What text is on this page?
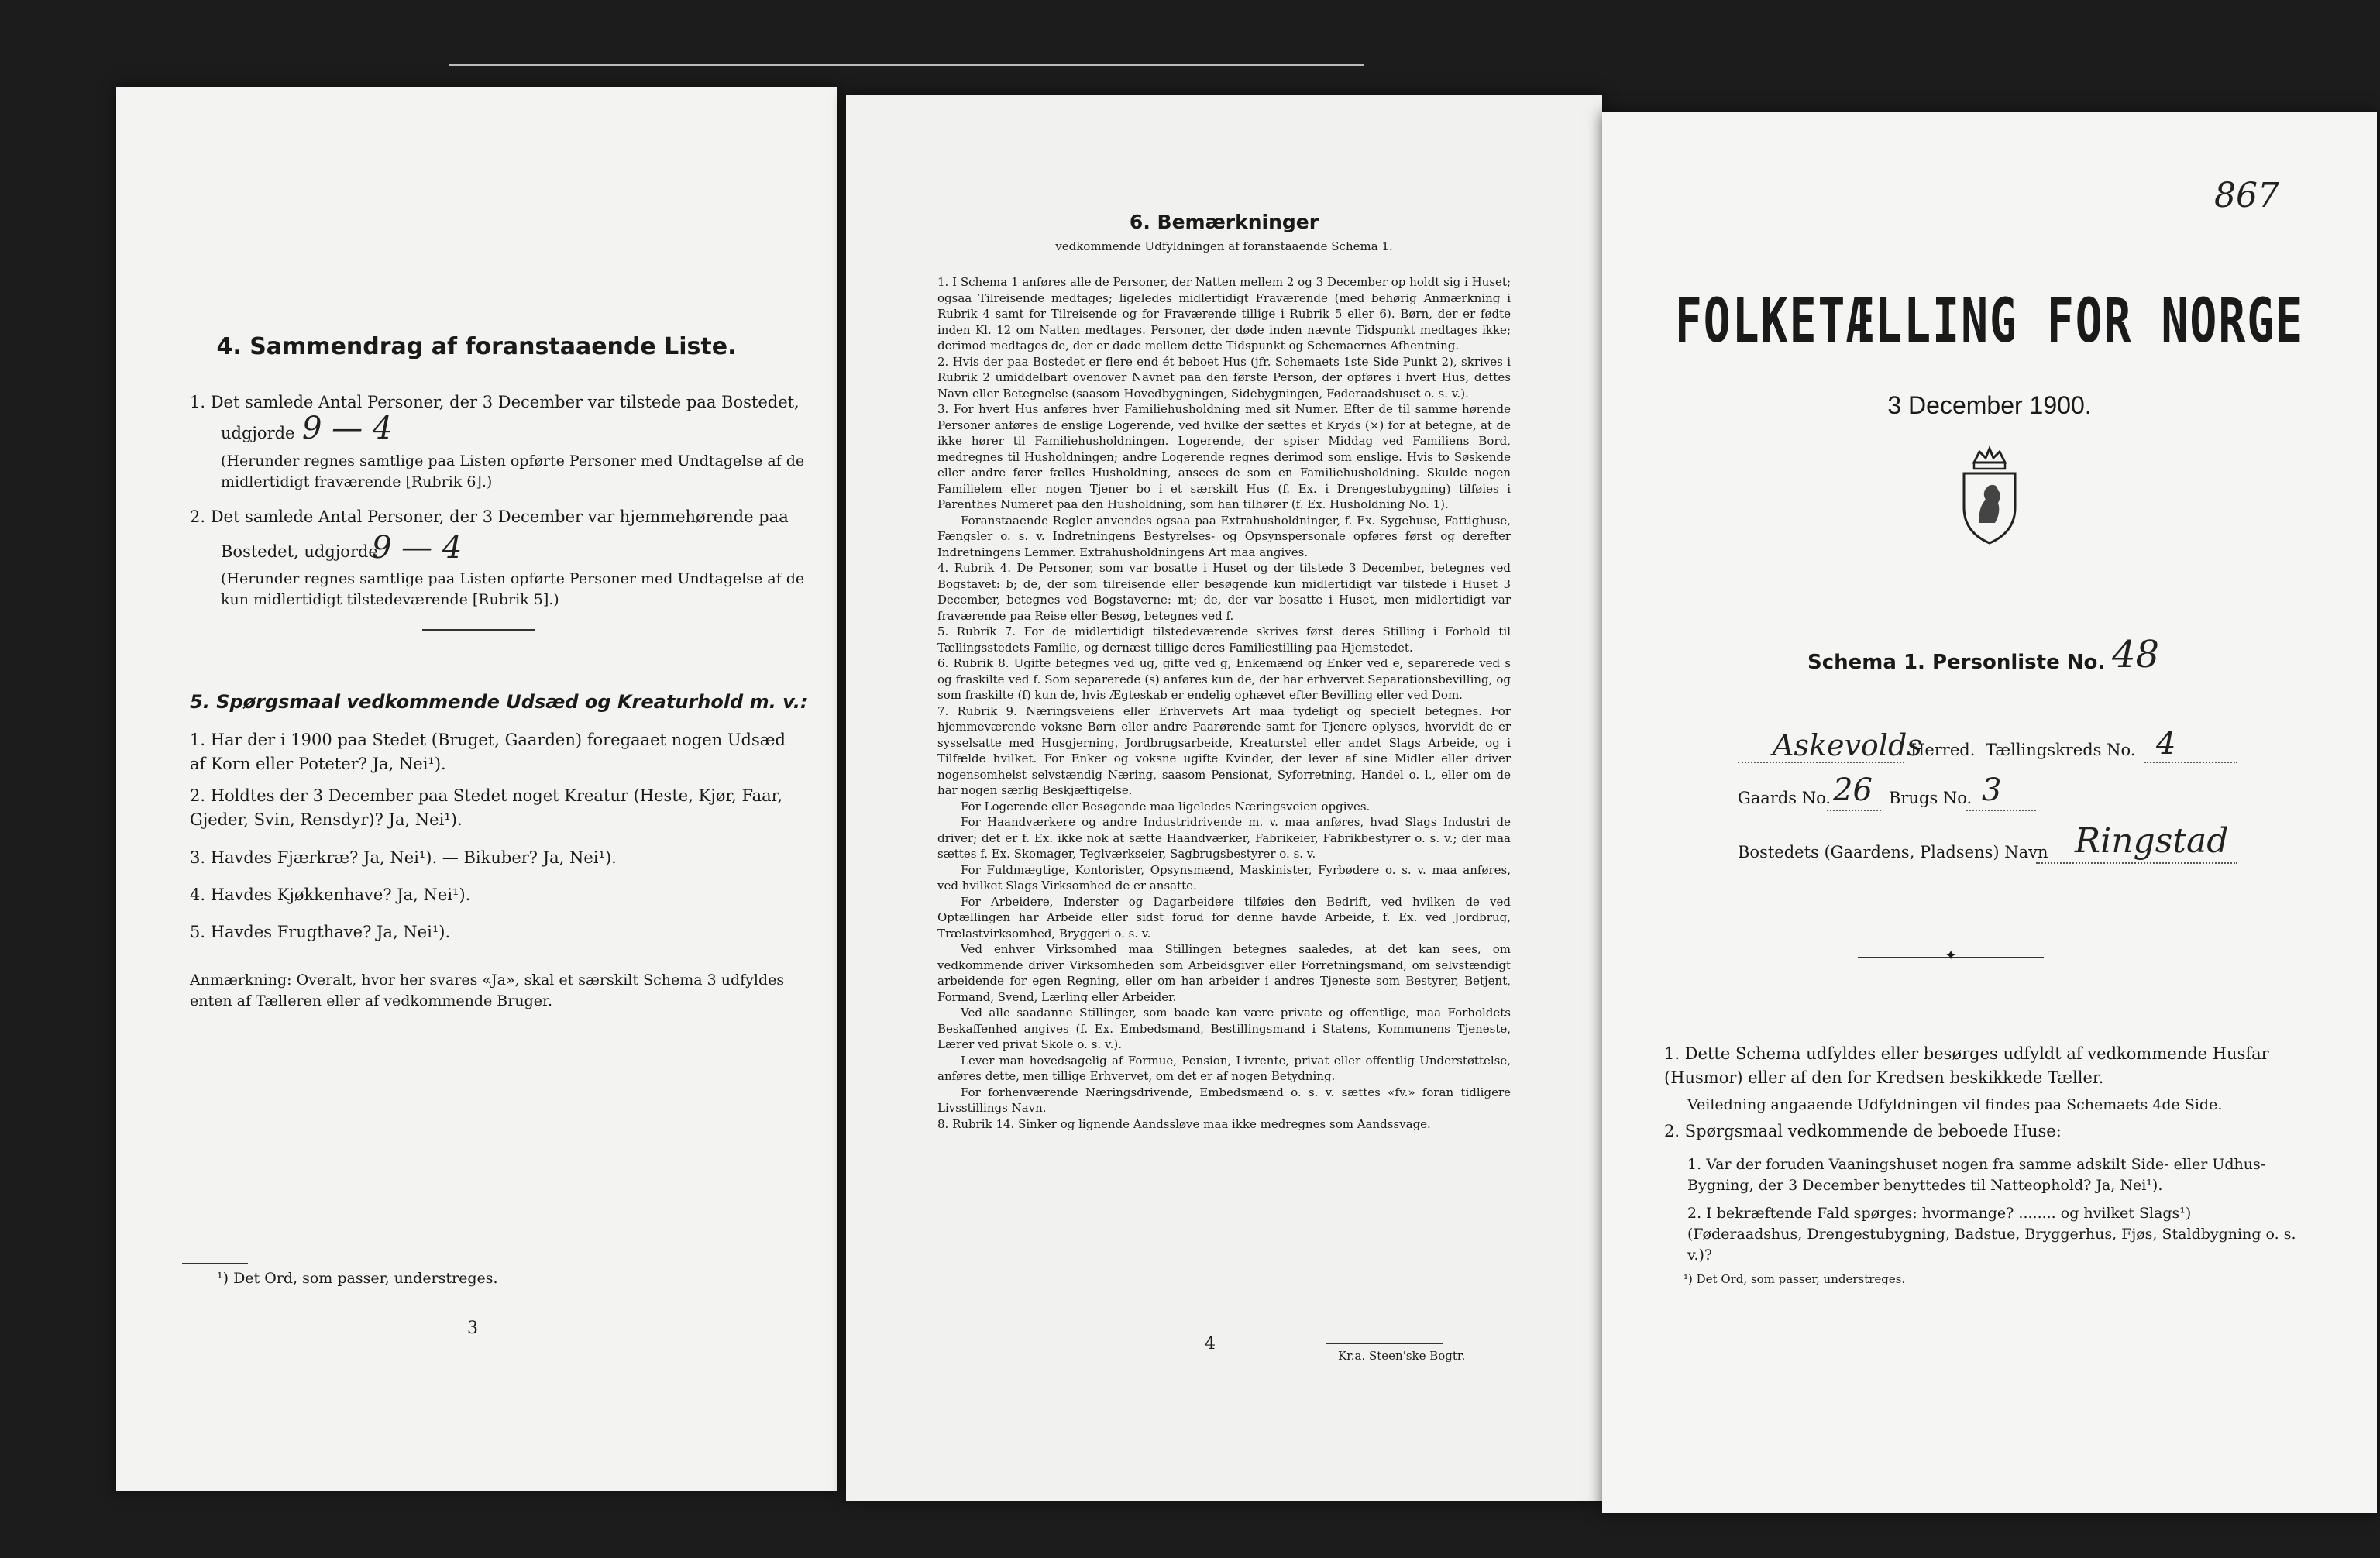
4. Sammendrag af foranstaaende Liste.
1. Det samlede Antal Personer, der 3 December var tilstede paa Bostedet,
udgjorde 9 — 4
(Herunder regnes samtlige paa Listen opførte Personer med Undtagelse af de midlertidigt fraværende [Rubrik 6].)
2. Det samlede Antal Personer, der 3 December var hjemmehørende paa
Bostedet, udgjorde
9 — 4
(Herunder regnes samtlige paa Listen opførte Personer med Undtagelse af de kun midlertidigt tilstedeværende [Rubrik 5].)
5. Spørgsmaal vedkommende Udsæd og Kreaturhold m. v.:
1. Har der i 1900 paa Stedet (Bruget, Gaarden) foregaaet nogen Udsæd af Korn eller Poteter? Ja, Nei¹).
2. Holdtes der 3 December paa Stedet noget Kreatur (Heste, Kjør, Faar, Gjeder, Svin, Rensdyr)? Ja, Nei¹).
3. Havdes Fjærkræ? Ja, Nei¹). — Bikuber? Ja, Nei¹).
4. Havdes Kjøkkenhave? Ja, Nei¹).
5. Havdes Frugthave? Ja, Nei¹).
Anmærkning: Overalt, hvor her svares «Ja», skal et særskilt Schema 3 udfyldes enten af Tælleren eller af vedkommende Bruger.
¹) Det Ord, som passer, understreges.
3
6. Bemærkninger
vedkommende Udfyldningen af foranstaaende Schema 1.

1. I Schema 1 anføres alle de Personer, der Natten mellem 2 og 3 December op holdt sig i Huset; ogsaa Tilreisende medtages; ligeledes midlertidigt Fraværende (med behørig Anmærkning i Rubrik 4 samt for Tilreisende og for Fraværende tillige i Rubrik 5 eller 6). Børn, der er fødte inden Kl. 12 om Natten medtages. Personer, der døde inden nævnte Tidspunkt medtages ikke; derimod medtages de, der er døde mellem dette Tidspunkt og Schemaernes Afhentning.

2. Hvis der paa Bostedet er flere end ét beboet Hus (jfr. Schemaets 1ste Side Punkt 2), skrives i Rubrik 2 umiddelbart ovenover Navnet paa den første Person, der opføres i hvert Hus, dettes Navn eller Betegnelse (saasom Hovedbygningen, Sidebygningen, Føderaadshuset o. s. v.).

3. For hvert Hus anføres hver Familiehusholdning med sit Numer. Efter de til samme hørende Personer anføres de enslige Logerende, ved hvilke der sættes et Kryds (×) for at betegne, at de ikke hører til Familiehusholdningen. Logerende, der spiser Middag ved Familiens Bord, medregnes til Husholdningen; andre Logerende regnes derimod som enslige. Hvis to Søskende eller andre fører fælles Husholdning, ansees de som en Familiehusholdning. Skulde nogen Familielem eller nogen Tjener bo i et særskilt Hus (f. Ex. i Drengestubygning) tilføies i Parenthes Numeret paa den Husholdning, som han tilhører (f. Ex. Husholdning No. 1).

Foranstaaende Regler anvendes ogsaa paa Extrahusholdninger, f. Ex. Sygehuse, Fattighuse, Fængsler o. s. v. Indretningens Bestyrelses- og Opsynspersonale opføres først og derefter Indretningens Lemmer. Extrahusholdningens Art maa angives.

4. Rubrik 4. De Personer, som var bosatte i Huset og der tilstede 3 December, betegnes ved Bogstavet: b; de, der som tilreisende eller besøgende kun midlertidigt var tilstede i Huset 3 December, betegnes ved Bogstaverne: mt; de, der var bosatte i Huset, men midlertidigt var fraværende paa Reise eller Besøg, betegnes ved f.

5. Rubrik 7. For de midlertidigt tilstedeværende skrives først deres Stilling i Forhold til Tællingsstedets Familie, og dernæst tillige deres Familiestilling paa Hjemstedet.

6. Rubrik 8. Ugifte betegnes ved ug, gifte ved g, Enkemænd og Enker ved e, separerede ved s og fraskilte ved f. Som separerede (s) anføres kun de, der har erhvervet Separationsbevilling, og som fraskilte (f) kun de, hvis Ægteskab er endelig ophævet efter Bevilling eller ved Dom.

7. Rubrik 9. Næringsveiens eller Erhvervets Art maa tydeligt og specielt betegnes. For hjemmeværende voksne Børn eller andre Paarørende samt for Tjenere oplyses, hvorvidt de er sysselsatte med Husgjerning, Jordbrugsarbeide, Kreaturstel eller andet Slags Arbeide, og i Tilfælde hvilket. For Enker og voksne ugifte Kvinder, der lever af sine Midler eller driver nogensomhelst selvstændig Næring, saasom Pensionat, Syforretning, Handel o. l., eller om de har nogen særlig Beskjæftigelse.

For Logerende eller Besøgende maa ligeledes Næringsveien opgives.

For Haandværkere og andre Industridrivende m. v. maa anføres, hvad Slags Industri de driver; det er f. Ex. ikke nok at sætte Haandværker, Fabrikeier, Fabrikbestyrer o. s. v.; der maa sættes f. Ex. Skomager, Teglværkseier, Sagbrugsbestyrer o. s. v.

For Fuldmægtige, Kontorister, Opsynsmænd, Maskinister, Fyrbødere o. s. v. maa anføres, ved hvilket Slags Virksomhed de er ansatte.

For Arbeidere, Inderster og Dagarbeidere tilføies den Bedrift, ved hvilken de ved Optællingen har Arbeide eller sidst forud for denne havde Arbeide, f. Ex. ved Jordbrug, Trælastvirksomhed, Bryggeri o. s. v.

Ved enhver Virksomhed maa Stillingen betegnes saaledes, at det kan sees, om vedkommende driver Virksomheden som Arbeidsgiver eller Forretningsmand, om selvstændigt arbeidende for egen Regning, eller om han arbeider i andres Tjeneste som Bestyrer, Betjent, Formand, Svend, Lærling eller Arbeider.

Ved alle saadanne Stillinger, som baade kan være private og offentlige, maa Forholdets Beskaffenhed angives (f. Ex. Embedsmand, Bestillingsmand i Statens, Kommunens Tjeneste, Lærer ved privat Skole o. s. v.).

Lever man hovedsagelig af Formue, Pension, Livrente, privat eller offentlig Understøttelse, anføres dette, men tillige Erhvervet, om det er af nogen Betydning.

For forhenværende Næringsdrivende, Embedsmænd o. s. v. sættes «fv.» foran tidligere Livsstillings Navn.

8. Rubrik 14. Sinker og lignende Aandssløve maa ikke medregnes som Aandssvage.

4
Kr.a. Steen'ske Bogtr.
867
FOLKETÆLLING FOR NORGE
3 December 1900.
Schema 1. Personliste No. 48
Askevolds
Herred. Tællingskreds No. 4
Gaards No. 26 Brugs No. 3
Bostedets (Gaardens, Pladsens) Navn Ringstad
✦
1. Dette Schema udfyldes eller besørges udfyldt af vedkommende Husfar (Husmor) eller af den for Kredsen beskikkede Tæller.
Veiledning angaaende Udfyldningen vil findes paa Schemaets 4de Side.
2. Spørgsmaal vedkommende de beboede Huse:
1. Var der foruden Vaaningshuset nogen fra samme adskilt Side- eller Udhus-Bygning, der 3 December benyttedes til Natteophold? Ja, Nei¹).
2. I bekræftende Fald spørges: hvormange? ........ og hvilket Slags¹) (Føderaadshus, Drengestubygning, Badstue, Bryggerhus, Fjøs, Staldbygning o. s. v.)?
¹) Det Ord, som passer, understreges.
